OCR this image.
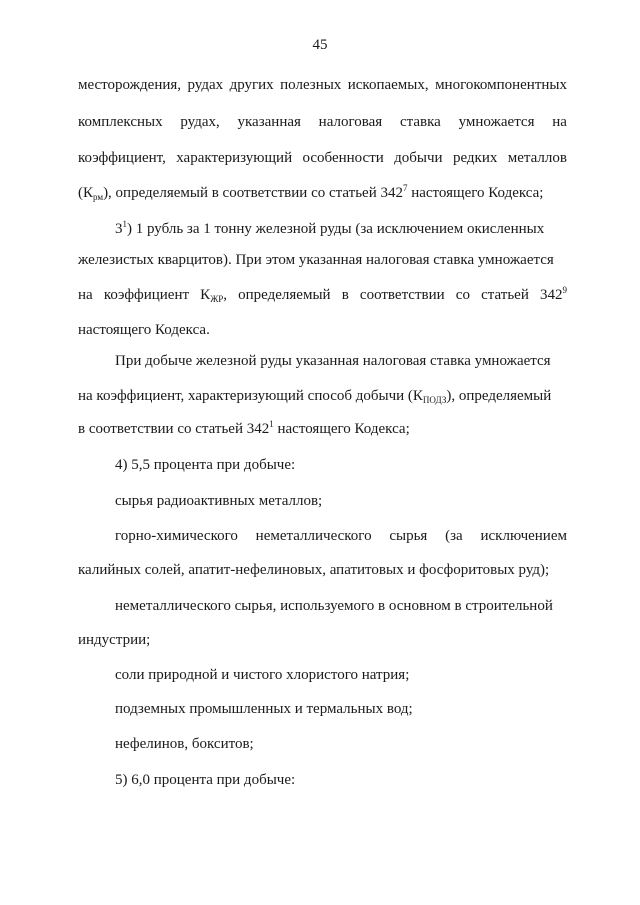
45
месторождения, рудах других полезных ископаемых, многокомпонентных
комплексных рудах, указанная налоговая ставка умножается на
коэффициент, характеризующий особенности добычи редких металлов
$(К_{рм})$, определяемый в соответствии со статьей $342^7$ настоящего Кодекса;
$3^1$) 1 рубль за 1 тонну железной руды (за исключением окисленных
железистых кварцитов). При этом указанная налоговая ставка умножается
на коэффициент $К_{ЖР}$, определяемый в соответствии со статьей $342^9$
настоящего Кодекса.
При добыче железной руды указанная налоговая ставка умножается
на коэффициент, характеризующий способ добычи $(К_{ПОДЗ})$, определяемый
в соответствии со статьей $342^1$ настоящего Кодекса;
4) 5,5 процента при добыче:
сырья радиоактивных металлов;
горно-химического неметаллического сырья (за исключением
калийных солей, апатит-нефелиновых, апатитовых и фосфоритовых руд);
неметаллического сырья, используемого в основном в строительной
индустрии;
соли природной и чистого хлористого натрия;
подземных промышленных и термальных вод;
нефелинов, бокситов;
5) 6,0 процента при добыче:
